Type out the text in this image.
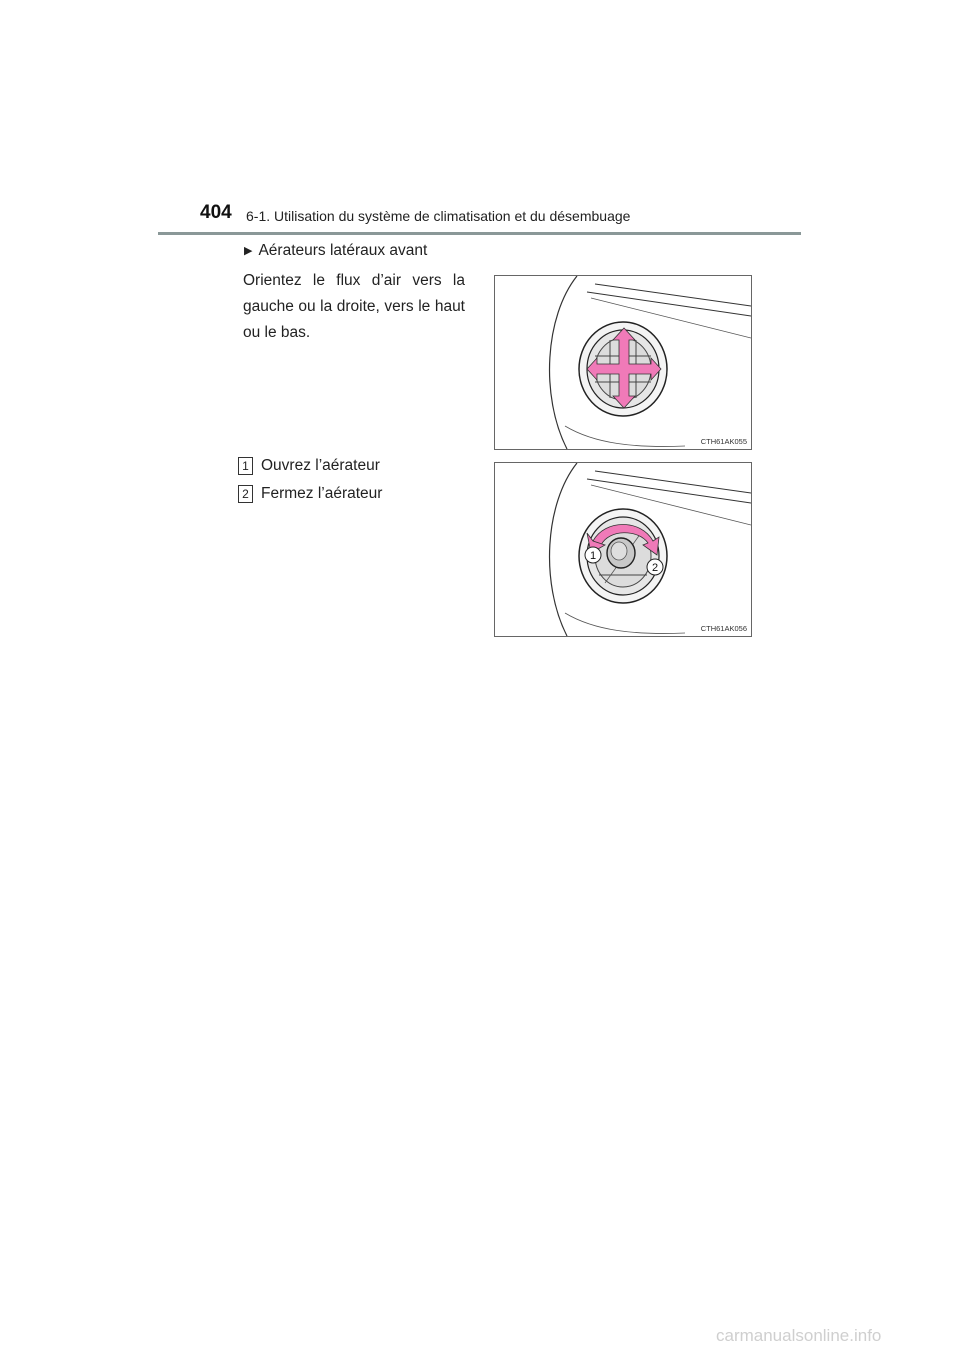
404 6-1. Utilisation du système de climatisation et du désembuage
▶ Aérateurs latéraux avant
Orientez le flux d’air vers la gauche ou la droite, vers le haut ou le bas.
CTH61AK055
1 Ouvrez l’aérateur
2 Fermez l’aérateur
1
2
CTH61AK056
carmanualsonline.info
